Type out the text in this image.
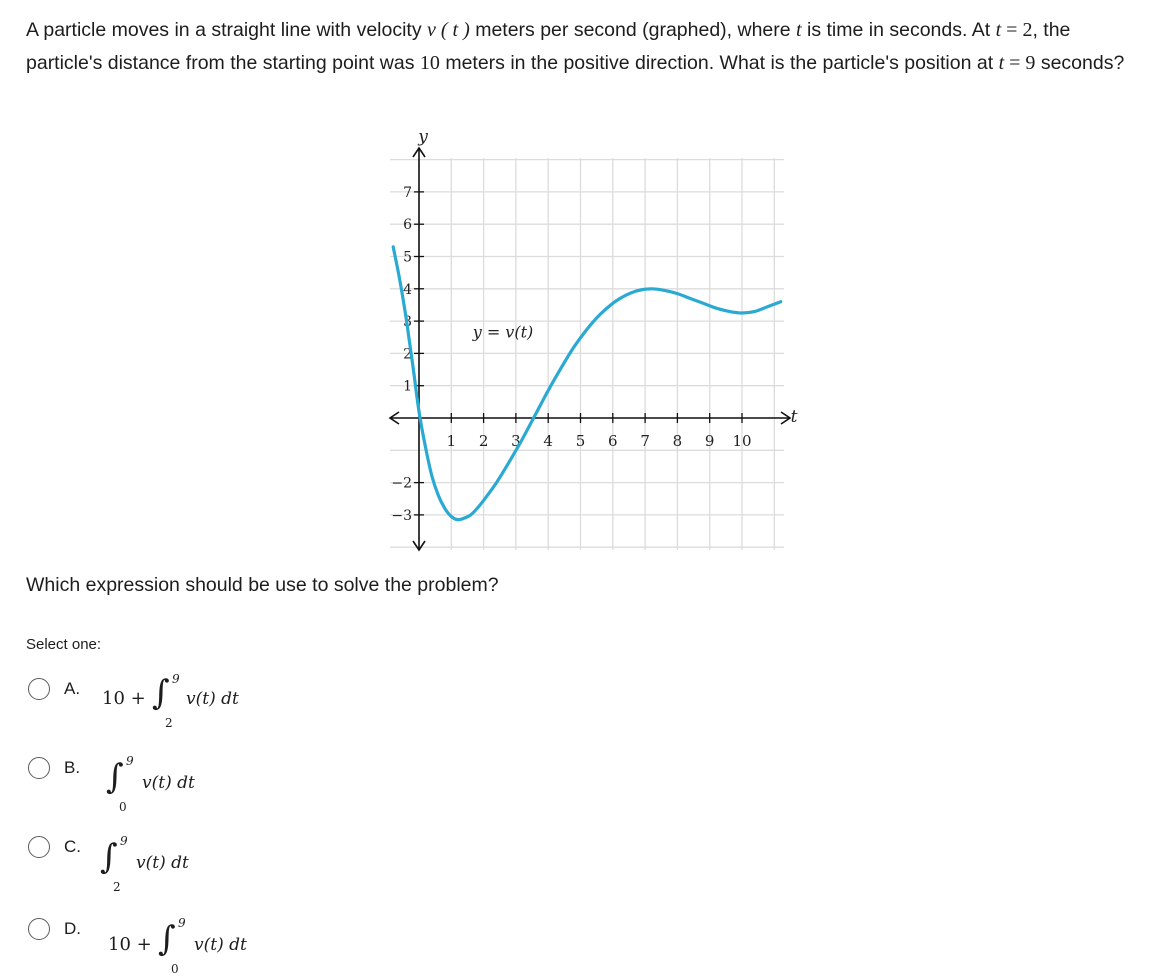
A particle moves in a straight line with velocity v ( t ) meters per second (graphed), where t is time in seconds. At t = 2, the particle's distance from the starting point was 10 meters in the positive direction. What is the particle's position at t = 9 seconds?
1 2 3 4 5 6 7 8 9 10
7
6
5
4
3
2
1
−2
−3
y
t
y = v(t)
Which expression should be use to solve the problem?
Select one:
A. 10 + ∫ 9
2
v(t) dt
B. ∫ 9
0
v(t) dt
C. ∫ 9
2
v(t) dt
D.
10 + ∫ 9
0
v(t) dt
